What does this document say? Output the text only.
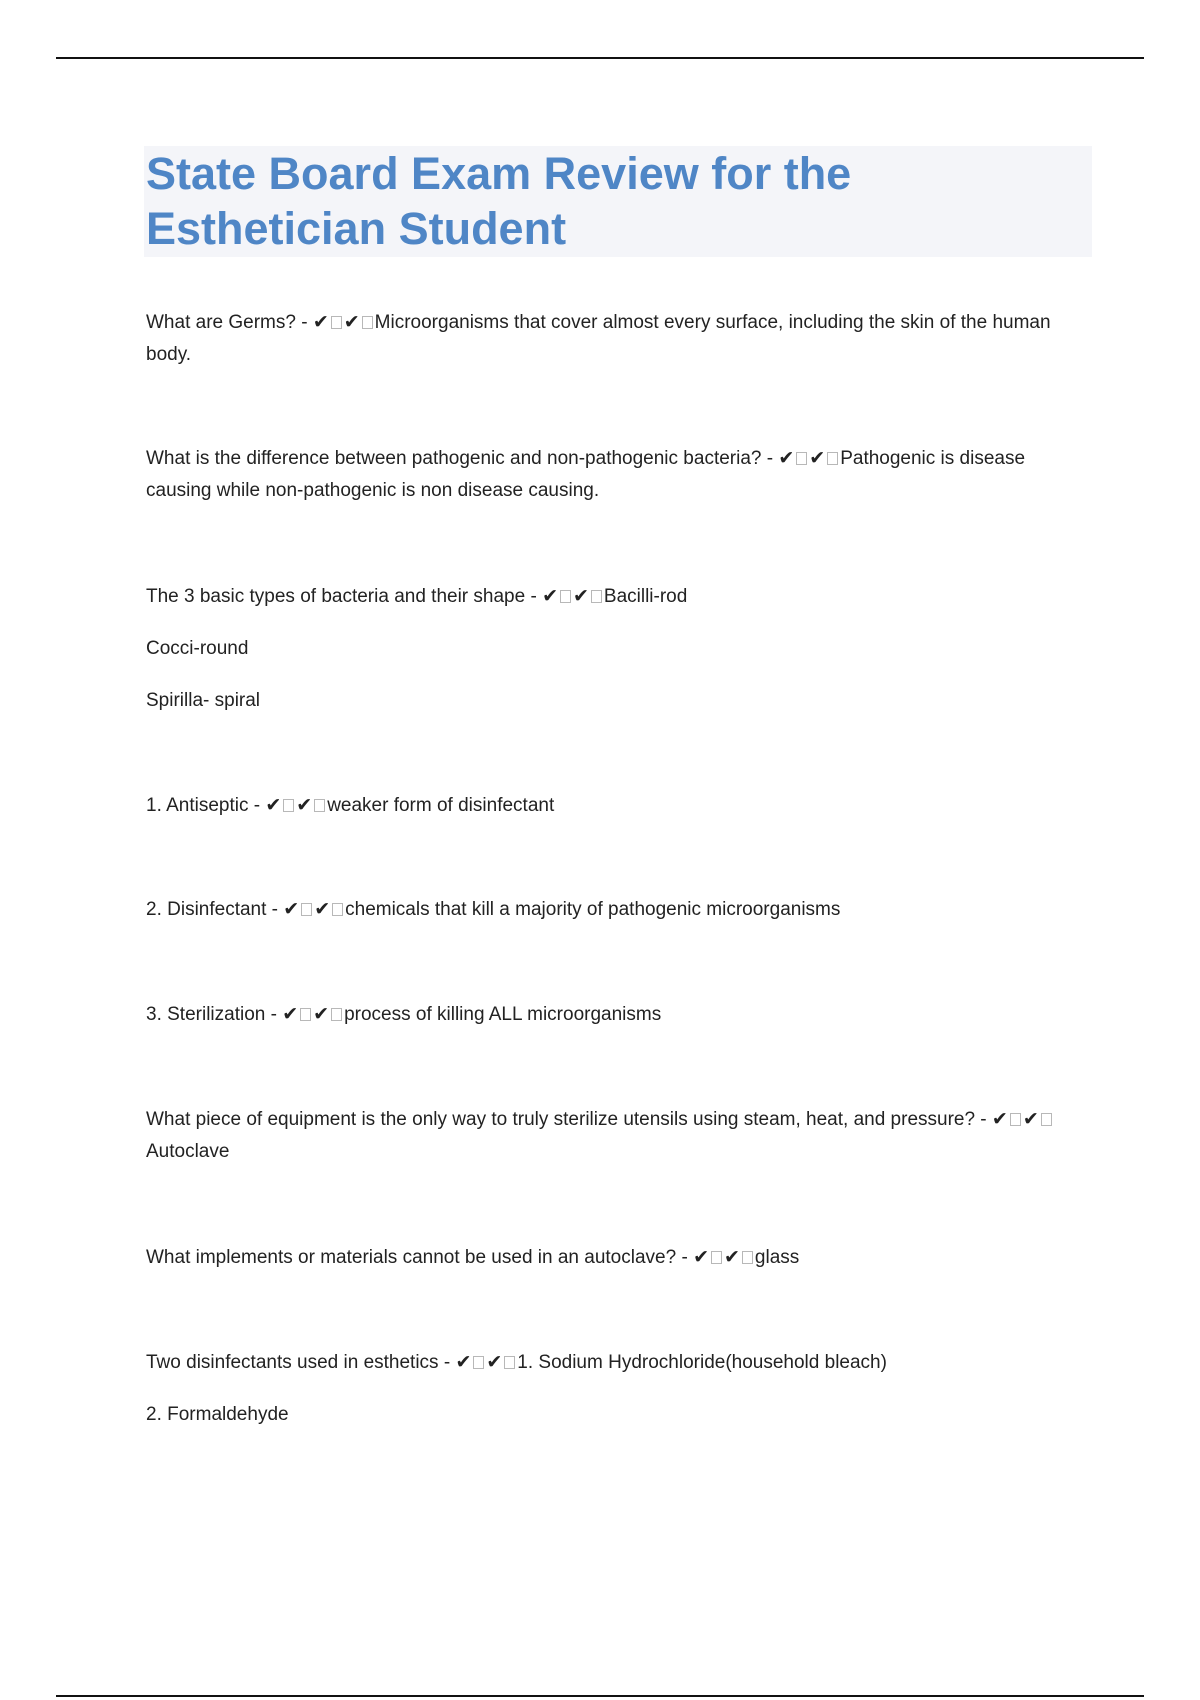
State Board Exam Review for the
Esthetician Student

What are Germs? - ✔ ✔ Microorganisms that cover almost every surface, including the skin of the human body.

What is the difference between pathogenic and non-pathogenic bacteria? - ✔ ✔ Pathogenic is disease causing while non-pathogenic is non disease causing.

The 3 basic types of bacteria and their shape - ✔ ✔ Bacilli-rod

Cocci-round

Spirilla- spiral

1. Antiseptic - ✔ ✔ weaker form of disinfectant

2. Disinfectant - ✔ ✔ chemicals that kill a majority of pathogenic microorganisms

3. Sterilization - ✔ ✔ process of killing ALL microorganisms

What piece of equipment is the only way to truly sterilize utensils using steam, heat, and pressure? - ✔ ✔Autoclave

What implements or materials cannot be used in an autoclave? - ✔ ✔ glass

Two disinfectants used in esthetics - ✔ ✔ 1. Sodium Hydrochloride(household bleach)

2. Formaldehyde
